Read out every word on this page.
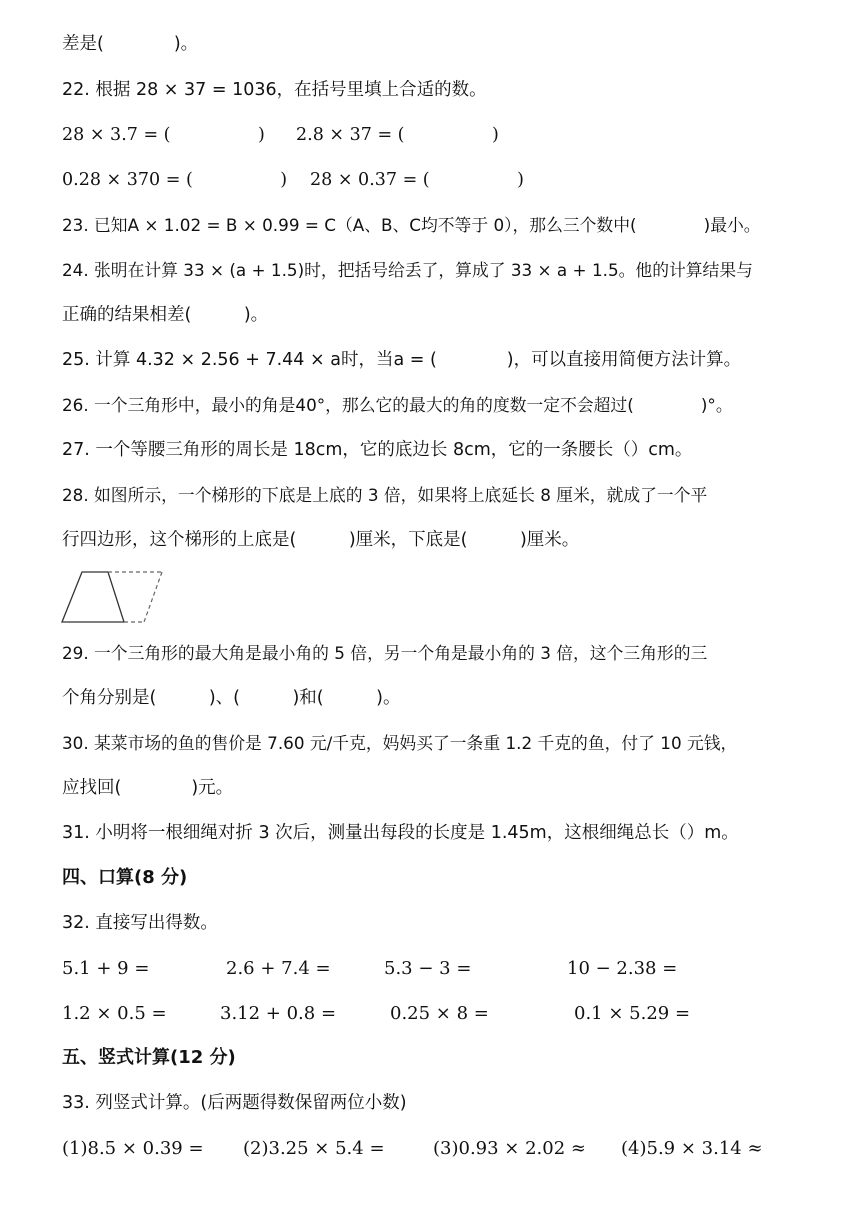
差是(　　　　)。
22. 根据 28 × 37 = 1036，在括号里填上合适的数。
28 × 3.7 = (　　　　　) 2.8 × 37 = (　　　　　)
0.28 × 370 = (　　　　　) 28 × 0.37 = (　　　　　)
23. 已知A × 1.02 = B × 0.99 = C（A、B、C均不等于 0），那么三个数中(　　　　)最小。
24. 张明在计算 33 × (a + 1.5)时，把括号给丢了，算成了 33 × a + 1.5。他的计算结果与
正确的结果相差(　　　)。
25. 计算 4.32 × 2.56 + 7.44 × a时，当a = (　　　　)，可以直接用简便方法计算。
26. 一个三角形中，最小的角是40°，那么它的最大的角的度数一定不会超过(　　　　)°。
27. 一个等腰三角形的周长是 18cm，它的底边长 8cm，它的一条腰长（）cm。
28. 如图所示，一个梯形的下底是上底的 3 倍，如果将上底延长 8 厘米，就成了一个平
行四边形，这个梯形的上底是(　　　)厘米，下底是(　　　)厘米。
29. 一个三角形的最大角是最小角的 5 倍，另一个角是最小角的 3 倍，这个三角形的三
个角分别是(　　　)、(　　　)和(　　　)。
30. 某菜市场的鱼的售价是 7.60 元/千克，妈妈买了一条重 1.2 千克的鱼，付了 10 元钱，
应找回(　　　　)元。
31. 小明将一根细绳对折 3 次后，测量出每段的长度是 1.45m，这根细绳总长（）m。
四、口算(8 分)
32. 直接写出得数。
5.1 + 9 =	2.6 + 7.4 =	5.3 − 3 =	10 − 2.38 =
1.2 × 0.5 =	3.12 + 0.8 =	0.25 × 8 =	0.1 × 5.29 =
五、竖式计算(12 分)
33. 列竖式计算。(后两题得数保留两位小数)
(1)8.5 × 0.39 = (2)3.25 × 5.4 =	(3)0.93 × 2.02 ≈ (4)5.9 × 3.14 ≈
